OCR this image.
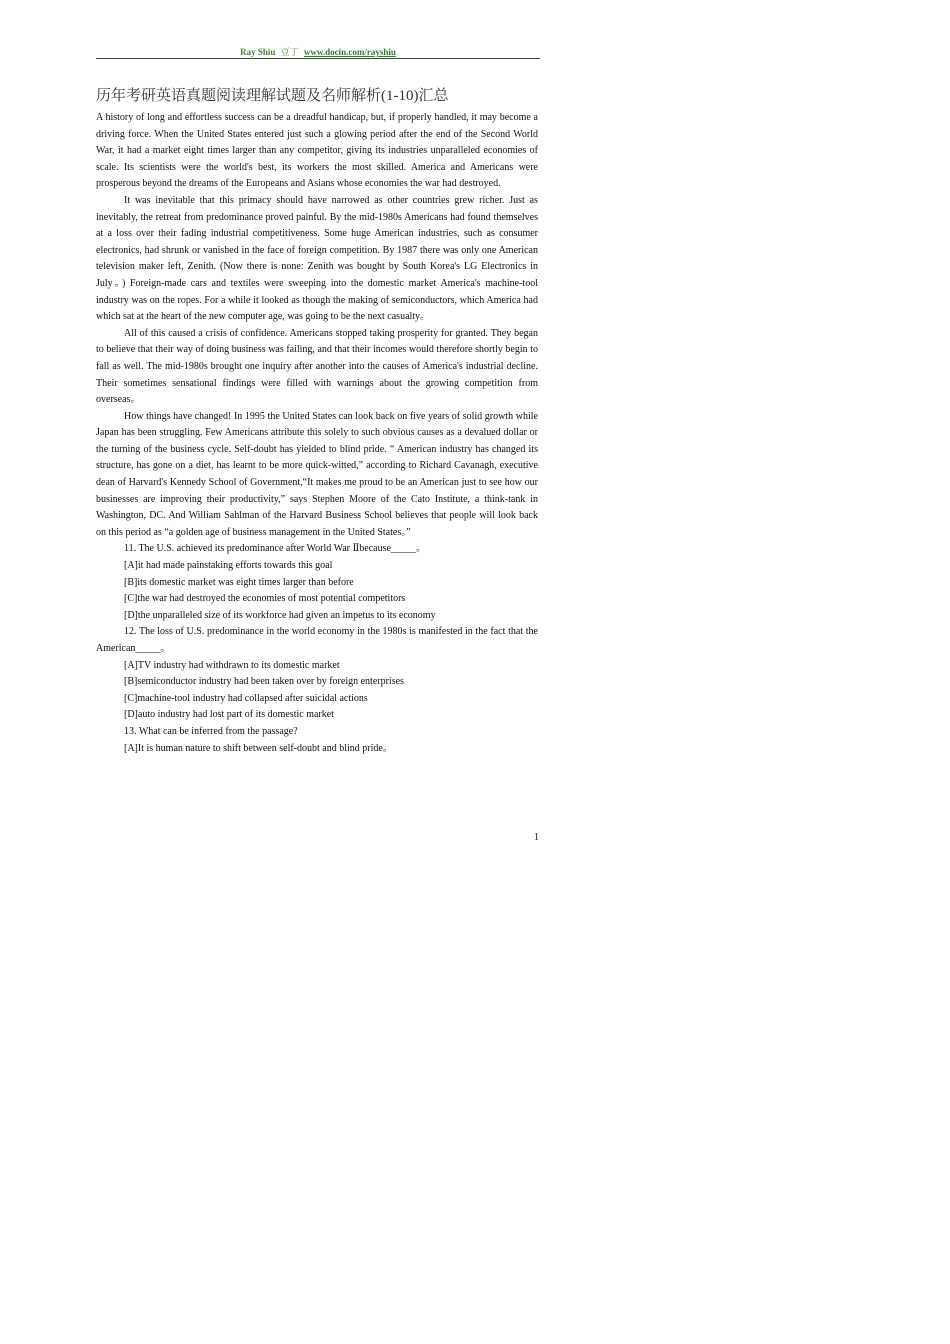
Ray Shiu 豆丁 www.docin.com/rayshiu
历年考研英语真题阅读理解试题及名师解析(1-10)汇总

A history of long and effortless success can be a dreadful handicap, but, if properly handled, it may become a driving force. When the United States entered just such a glowing period after the end of the Second World War, it had a market eight times larger than any competitor, giving its industries unparalleled economies of scale. Its scientists were the world's best, its workers the most skilled. America and Americans were prosperous beyond the dreams of the Europeans and Asians whose economies the war had destroyed.

It was inevitable that this primacy should have narrowed as other countries grew richer. Just as inevitably, the retreat from predominance proved painful. By the mid-1980s Americans had found themselves at a loss over their fading industrial competitiveness. Some huge American industries, such as consumer electronics, had shrunk or vanished in the face of foreign competition. By 1987 there was only one American television maker left, Zenith. (Now there is none: Zenith was bought by South Korea's LG Electronics in July。) Foreign-made cars and textiles were sweeping into the domestic market America's machine-tool industry was on the ropes. For a while it looked as though the making of semiconductors, which America had which sat at the heart of the new computer age, was going to be the next casualty。

All of this caused a crisis of confidence. Americans stopped taking prosperity for granted. They began to believe that their way of doing business was failing, and that their incomes would therefore shortly begin to fall as well. The mid-1980s brought one inquiry after another into the causes of America's industrial decline. Their sometimes sensational findings were filled with warnings about the growing competition from overseas。

How things have changed! In 1995 the United States can look back on five years of solid growth while Japan has been struggling. Few Americans attribute this solely to such obvious causes as a devalued dollar or the turning of the business cycle. Self-doubt has yielded to blind pride. “ American industry has changed its structure, has gone on a diet, has learnt to be more quick-witted,” according to Richard Cavanagh, executive dean of Harvard's Kennedy School of Government,“It makes me proud to be an American just to see how our businesses are improving their productivity,” says Stephen Moore of the Cato Institute, a think-tank in Washington, DC. And William Sahlman of the Harvard Business School believes that people will look back on this period as “a golden age of business management in the United States。”

11. The U.S. achieved its predominance after World War Ⅱbecause_____。

[A]it had made painstaking efforts towards this goal

[B]its domestic market was eight times larger than before

[C]the war had destroyed the economies of most potential competitors

[D]the unparalleled size of its workforce had given an impetus to its economy

12. The loss of U.S. predominance in the world economy in the 1980s is manifested in the fact that the American_____。

[A]TV industry had withdrawn to its domestic market

[B]semiconductor industry had been taken over by foreign enterprises

[C]machine-tool industry had collapsed after suicidal actions

[D]auto industry had lost part of its domestic market

13. What can be inferred from the passage?

[A]It is human nature to shift between self-doubt and blind pride。

1
